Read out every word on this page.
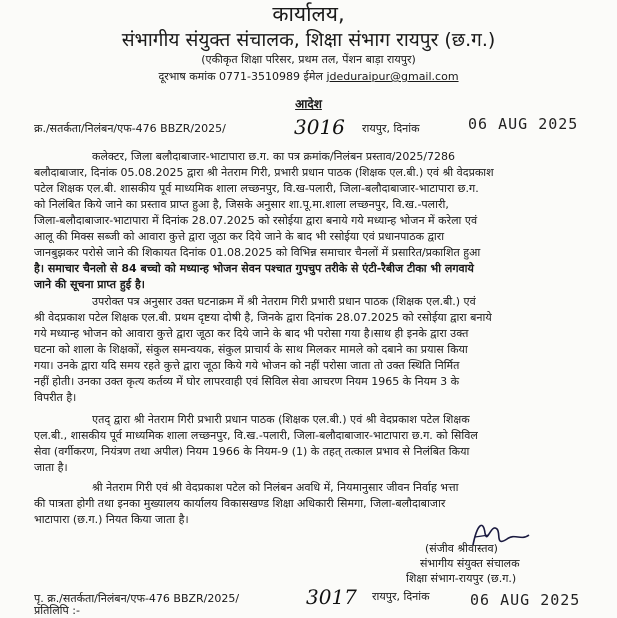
कार्यालय,
संभागीय संयुक्त संचालक, शिक्षा संभाग रायपुर (छ.ग.)
(एकीकृत शिक्षा परिसर, प्रथम तल, पेंशन बाड़ा रायपुर)
दूरभाष कमांक 0771-3510989 ईमेल jdeduraipur@gmail.com
आदेश
क्र./सतर्कता/निलंबन/एफ-476 BBZR/2025/	3016 रायपुर, दिनांक	06 AUG 2025
कलेक्टर, जिला बलौदाबाजार-भाटापारा छ.ग. का पत्र क्रमांक/निलंबन प्रस्ताव/2025/7286
बलौदाबाजार, दिनांक 05.08.2025 द्वारा श्री नेतराम गिरी, प्रभारी प्रधान पाठक (शिक्षक एल.बी.) एवं श्री वेदप्रकाश
पटेल शिक्षक एल.बी. शासकीय पूर्व माध्यमिक शाला लच्छनपुर, वि.ख-पलारी, जिला-बलौदाबाजार-भाटापारा छ.ग.
को निलंबित किये जाने का प्रस्ताव प्राप्त हुआ है, जिसके अनुसार शा.पू.मा.शाला लच्छनपुर, वि.ख.-पलारी,
जिला-बलौदाबाजार-भाटापारा में दिनांक 28.07.2025 को रसोईया द्वारा बनाये गये मध्यान्ह भोजन में करेला एवं
आलू की मिक्स सब्जी को आवारा कुत्ते द्वारा जूठा कर दिये जाने के बाद भी रसोईया एवं प्रधानपाठक द्वारा
जानबुझकर परोसे जाने की शिकायत दिनांक 01.08.2025 को विभिन्न समाचार चैनलों में प्रसारित/प्रकाशित हुआ
है। समाचार चैनलो से 84 बच्चो को मध्यान्ह भोजन सेवन पश्चात गुपचुप तरीके से एंटी-रैबीज टीका भी लगवाये
जाने की सूचना प्राप्त हुई है।
उपरोक्त पत्र अनुसार उक्त घटनाक्रम में श्री नेतराम गिरी प्रभारी प्रधान पाठक (शिक्षक एल.बी.) एवं
श्री वेदप्रकाश पटेल शिक्षक एल.बी. प्रथम दृष्टया दोषी है, जिनके द्वारा दिनांक 28.07.2025 को रसोईया द्वारा बनाये
गये मध्यान्ह भोजन को आवारा कुत्ते द्वारा जूठा कर दिये जाने के बाद भी परोसा गया है।साथ ही इनके द्वारा उक्त
घटना को शाला के शिक्षकों, संकुल समन्वयक, संकुल प्राचार्य के साथ मिलकर मामले को दबाने का प्रयास किया
गया। उनके द्वारा यदि समय रहते कुत्ते द्वारा जूठा किये गये भोजन को नहीं परोसा जाता तो उक्त स्थिति निर्मित
नहीं होती। उनका उक्त कृत्य कर्तव्य में घोर लापरवाही एवं सिविल सेवा आचरण नियम 1965 के नियम 3 के
विपरीत है।
एतद् द्वारा श्री नेतराम गिरी प्रभारी प्रधान पाठक (शिक्षक एल.बी.) एवं श्री वेदप्रकाश पटेल शिक्षक
एल.बी., शासकीय पूर्व माध्यमिक शाला लच्छनपुर, वि.ख.-पलारी, जिला-बलौदाबाजार-भाटापारा छ.ग. को सिविल
सेवा (वर्गीकरण, नियंत्रण तथा अपील) नियम 1966 के नियम-9 (1) के तहत् तत्काल प्रभाव से निलंबित किया
जाता है।
श्री नेतराम गिरी एवं श्री वेदप्रकाश पटेल को निलंबन अवधि में, नियमानुसार जीवन निर्वाह भत्ता
की पात्रता होगी तथा इनका मुख्यालय कार्यालय विकासखण्ड शिक्षा अधिकारी सिमगा, जिला-बलौदाबाजार
भाटापारा (छ.ग.) नियत किया जाता है।
(संजीव श्रीवास्तव)
संभागीय संयुक्त संचालक
शिक्षा संभाग-रायपुर (छ.ग.)
पृ. क्र./सतर्कता/निलंबन/एफ-476 BBZR/2025/	3017 रायपुर, दिनांक	06 AUG 2025
प्रतिलिपि :-
